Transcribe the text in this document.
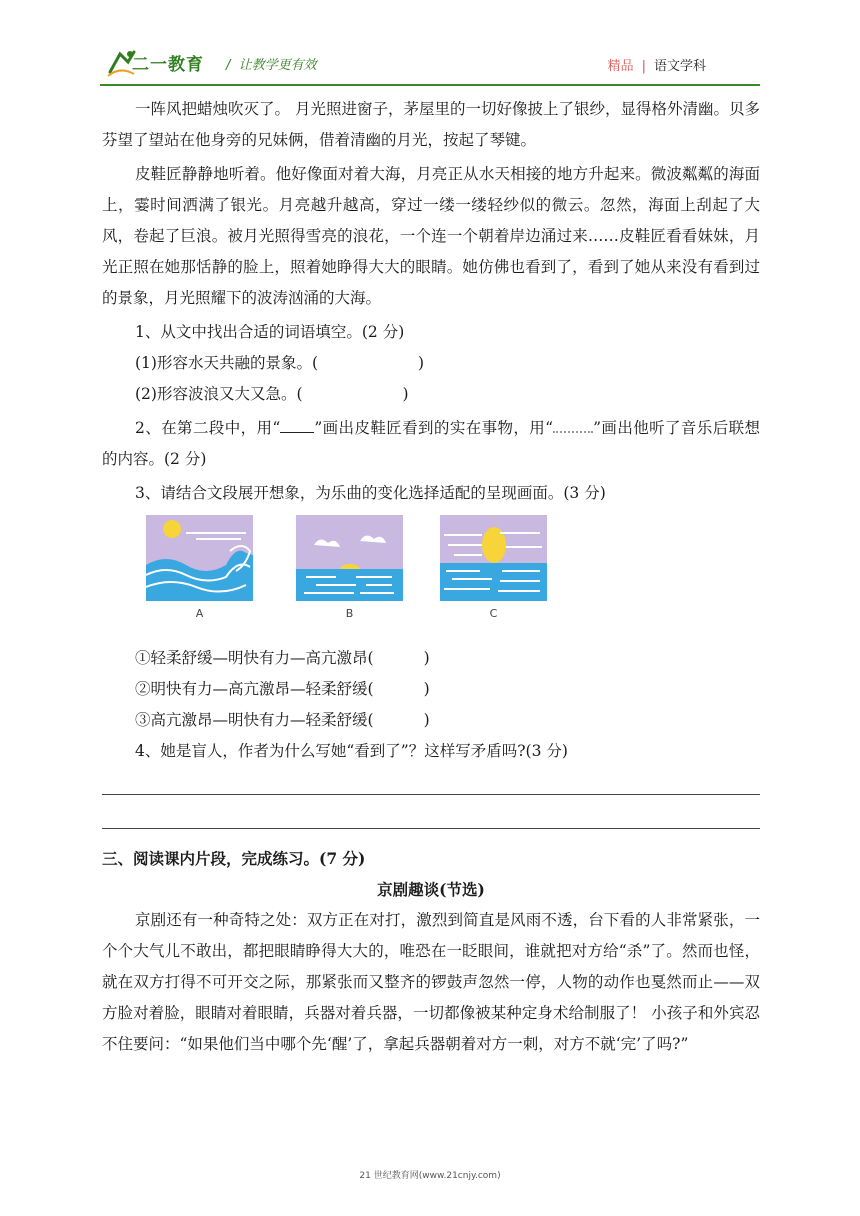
二一教育 /  让教学更有效	精品 | 语文学科

一阵风把蜡烛吹灭了。 月光照进窗子，茅屋里的一切好像披上了银纱，显得格外清幽。贝多芬望了望站在他身旁的兄妹俩，借着清幽的月光，按起了琴键。

皮鞋匠静静地听着。他好像面对着大海，月亮正从水天相接的地方升起来。微波粼粼的海面上，霎时间洒满了银光。月亮越升越高，穿过一缕一缕轻纱似的微云。忽然，海面上刮起了大风，卷起了巨浪。被月光照得雪亮的浪花，一个连一个朝着岸边涌过来……皮鞋匠看看妹妹，月光正照在她那恬静的脸上，照着她睁得大大的眼睛。她仿佛也看到了，看到了她从来没有看到过的景象，月光照耀下的波涛汹涌的大海。

1、从文中找出合适的词语填空。(2 分)

(1)形容水天共融的景象。(	)

(2)形容波浪又大又急。(	)

2、在第二段中，用“ ”画出皮鞋匠看到的实在事物，用“	”画出他听了音乐后联想的内容。(2 分)

3、请结合文段展开想象，为乐曲的变化选择适配的呈现画面。(3 分)

A	B	C

①轻柔舒缓—明快有力—高亢激昂(	)

②明快有力—高亢激昂—轻柔舒缓(	)

③高亢激昂—明快有力—轻柔舒缓(	)

4、她是盲人，作者为什么写她“看到了”？这样写矛盾吗?(3 分)

三、阅读课内片段，完成练习。(7 分)

京剧趣谈(节选)

京剧还有一种奇特之处：双方正在对打，激烈到简直是风雨不透，台下看的人非常紧张，一个个大气儿不敢出，都把眼睛睁得大大的，唯恐在一眨眼间，谁就把对方给“杀”了。然而也怪，就在双方打得不可开交之际，那紧张而又整齐的锣鼓声忽然一停，人物的动作也戛然而止——双方脸对着脸，眼睛对着眼睛，兵器对着兵器，一切都像被某种定身术给制服了！ 小孩子和外宾忍不住要问：“如果他们当中哪个先‘醒’了，拿起兵器朝着对方一刺，对方不就‘完’了吗?”

21 世纪教育网(www.21cnjy.com)
